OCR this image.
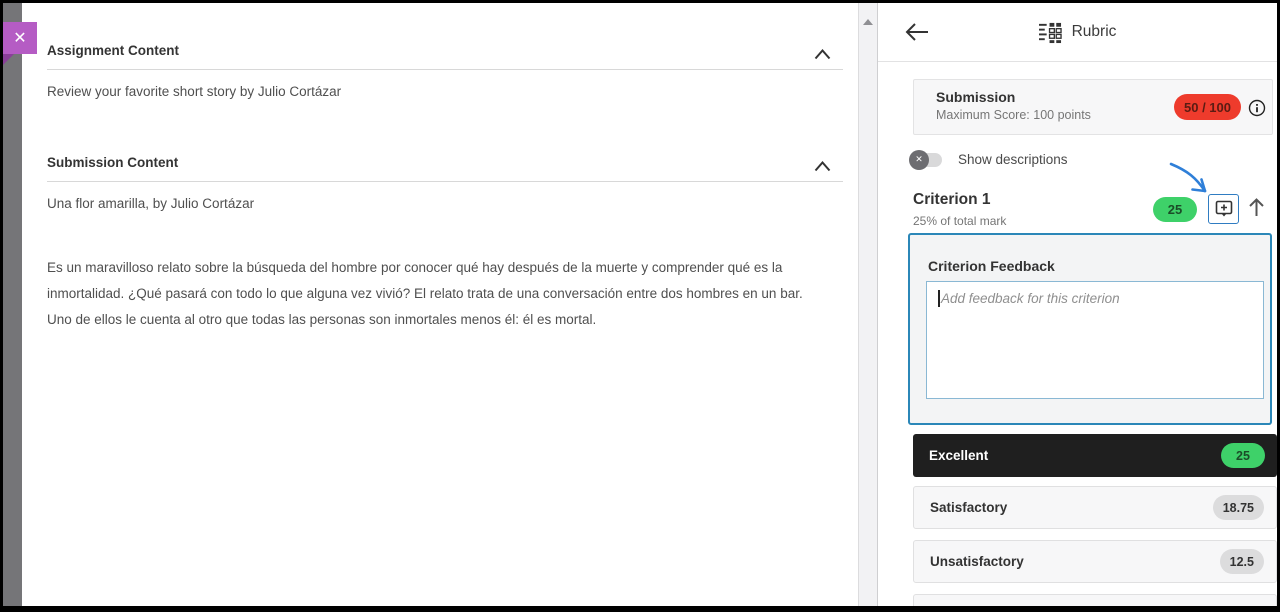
✕
Assignment Content
Review your favorite short story by Julio Cortázar
Submission Content
Una flor amarilla, by Julio Cortázar
Es un maravilloso relato sobre la búsqueda del hombre por conocer qué hay después de la muerte y comprender qué es la inmortalidad. ¿Qué pasará con todo lo que alguna vez vivió? El relato trata de una conversación entre dos hombres en un bar. Uno de ellos le cuenta al otro que todas las personas son inmortales menos él: él es mortal.
Rubric
Submission
Maximum Score: 100 points
50 / 100
✕	Show descriptions
Criterion 1
25% of total mark
25
Criterion Feedback
Add feedback for this criterion
Excellent	25
Satisfactory	18.75
Unsatisfactory	12.5
